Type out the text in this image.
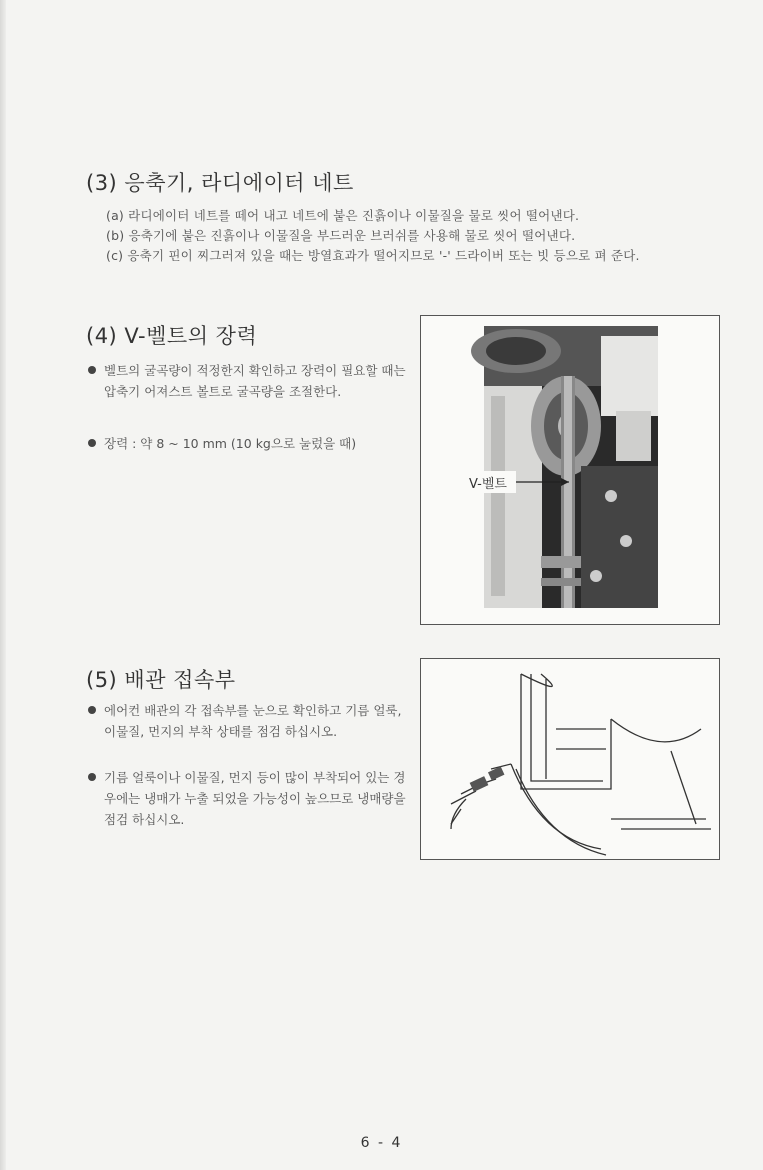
(3) 응축기, 라디에이터 네트
(a) 라디에이터 네트를 떼어 내고 네트에 붙은 진흙이나 이물질을 물로 씻어 떨어낸다.
(b) 응축기에 붙은 진흙이나 이물질을 부드러운 브러쉬를 사용해 물로 씻어 떨어낸다.
(c) 응축기 핀이 찌그러져 있을 때는 방열효과가 떨어지므로 '-' 드라이버 또는 빗 등으로 펴 준다.
(4) V-벨트의 장력
벨트의 굴곡량이 적정한지 확인하고 장력이 필요할 때는 압축기 어져스트 볼트로 굴곡량을 조절한다.
장력 : 약 8 ~ 10 mm (10 kg으로 눌렀을 때)
V-벨트
(5) 배관 접속부
에어컨 배관의 각 접속부를 눈으로 확인하고 기름 얼룩, 이물질, 먼지의 부착 상태를 점검 하십시오.
기름 얼룩이나 이물질, 먼지 등이 많이 부착되어 있는 경우에는 냉매가 누출 되었을 가능성이 높으므로 냉매량을 점검 하십시오.
6 - 4
